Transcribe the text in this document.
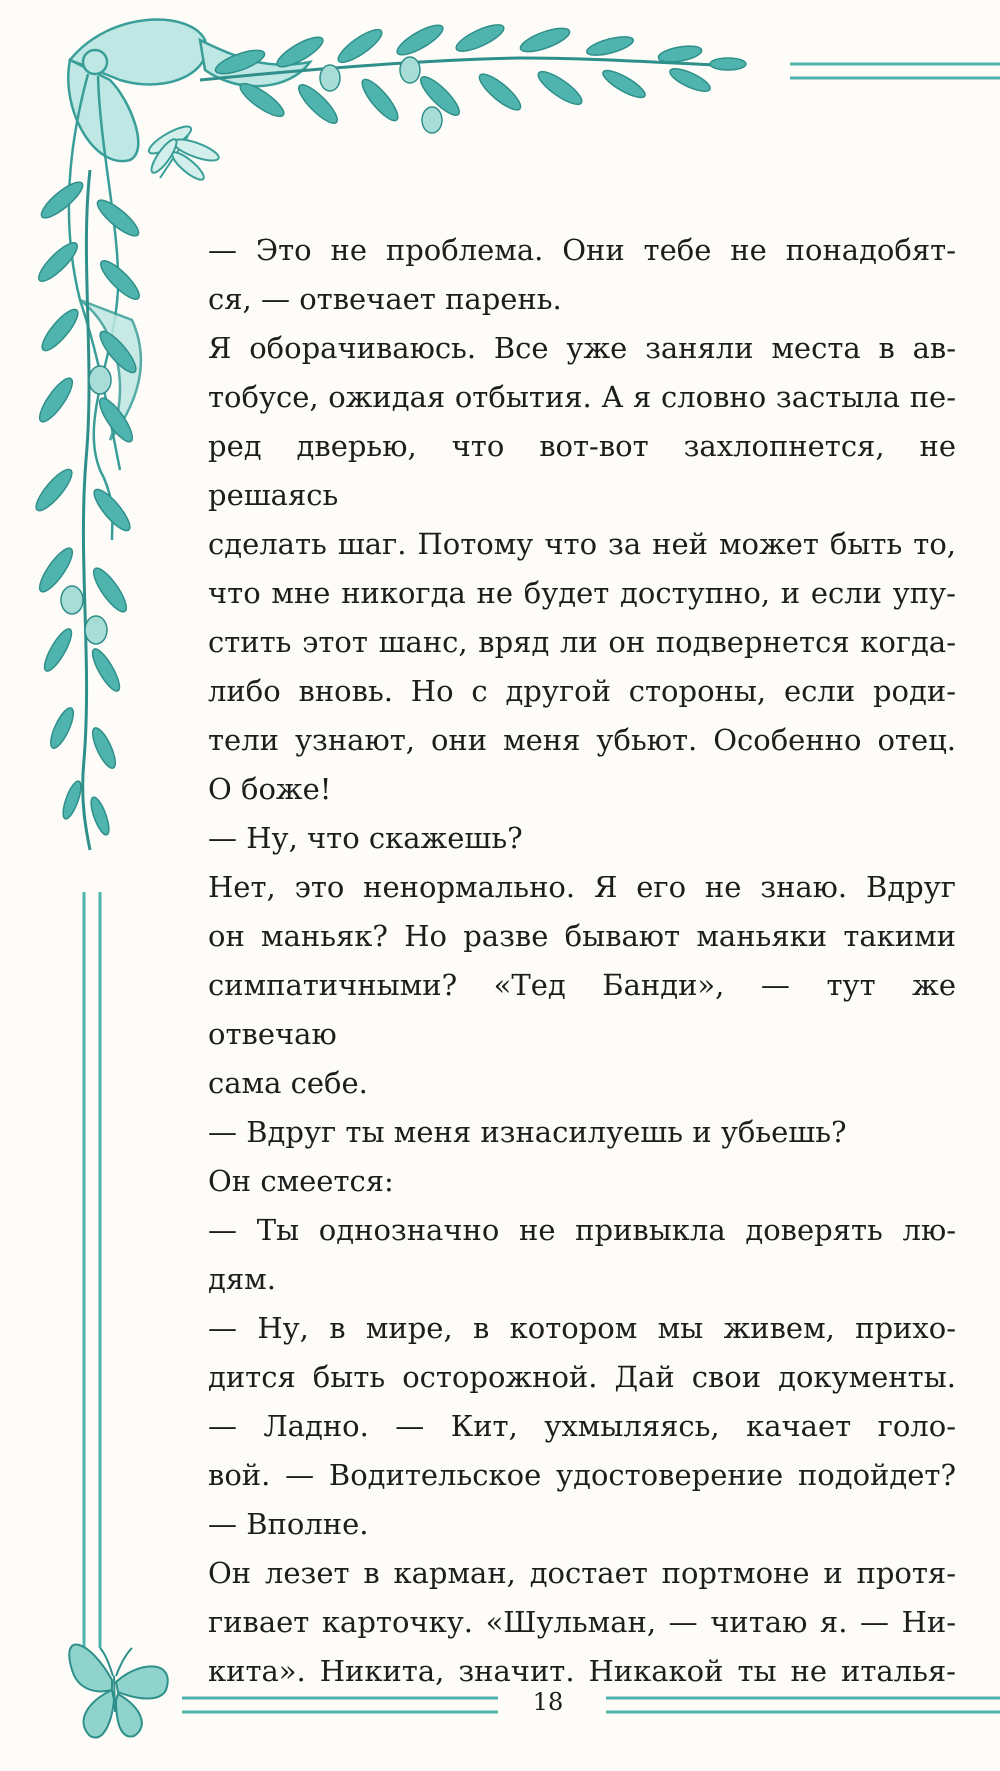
— Это не проблема. Они тебе не понадобят-

ся, — отвечает парень.

Я оборачиваюсь. Все уже заняли места в ав-

тобусе, ожидая отбытия. А я словно застыла пе-

ред дверью, что вот-вот захлопнется, не решаясь

сделать шаг. Потому что за ней может быть то,

что мне никогда не будет доступно, и если упу-

стить этот шанс, вряд ли он подвернется когда-

либо вновь. Но с другой стороны, если роди-

тели узнают, они меня убьют. Особенно отец.

О боже!

— Ну, что скажешь?

Нет, это ненормально. Я его не знаю. Вдруг

он маньяк? Но разве бывают маньяки такими

симпатичными? «Тед Банди», — тут же отвечаю

сама себе.

— Вдруг ты меня изнасилуешь и убьешь?

Он смеется:

— Ты однозначно не привыкла доверять лю-

дям.

— Ну, в мире, в котором мы живем, прихо-

дится быть осторожной. Дай свои документы.

— Ладно. — Кит, ухмыляясь, качает голо-

вой. — Водительское удостоверение подойдет?

— Вполне.

Он лезет в карман, достает портмоне и протя-

гивает карточку. «Шульман, — читаю я. — Ни-

кита». Никита, значит. Никакой ты не италья-

18
